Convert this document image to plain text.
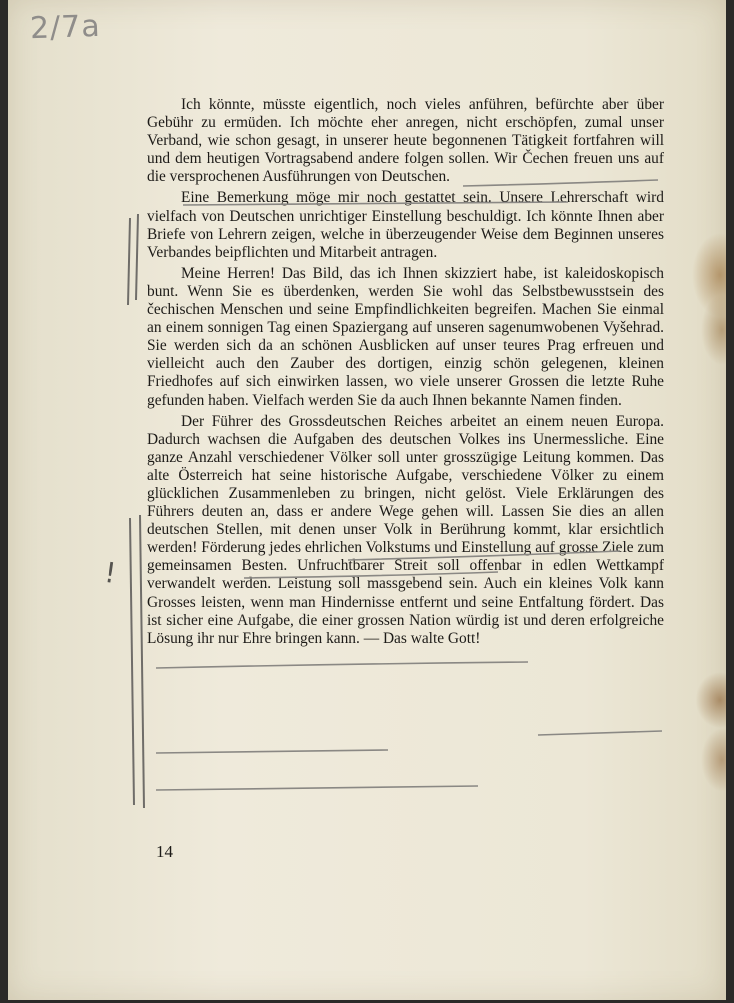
2/7a

Ich könnte, müsste eigentlich, noch vieles anführen, befürchte aber über Gebühr zu ermüden. Ich möchte eher anregen, nicht erschöpfen, zumal unser Verband, wie schon gesagt, in unserer heute begonnenen Tätigkeit fortfahren will und dem heutigen Vortragsabend andere folgen sollen. Wir Čechen freuen uns auf die versprochenen Ausführungen von Deutschen.

Eine Bemerkung möge mir noch gestattet sein. Unsere Lehrerschaft wird vielfach von Deutschen unrichtiger Einstellung beschuldigt. Ich könnte Ihnen aber Briefe von Lehrern zeigen, welche in überzeugender Weise dem Beginnen unseres Verbandes beipflichten und Mitarbeit antragen.

Meine Herren! Das Bild, das ich Ihnen skizziert habe, ist kaleidoskopisch bunt. Wenn Sie es überdenken, werden Sie wohl das Selbstbewusstsein des čechischen Menschen und seine Empfindlichkeiten begreifen. Machen Sie einmal an einem sonnigen Tag einen Spaziergang auf unseren sagenumwobenen Vyšehrad. Sie werden sich da an schönen Ausblicken auf unser teures Prag erfreuen und vielleicht auch den Zauber des dortigen, einzig schön gelegenen, kleinen Friedhofes auf sich einwirken lassen, wo viele unserer Grossen die letzte Ruhe gefunden haben. Vielfach werden Sie da auch Ihnen bekannte Namen finden.

Der Führer des Grossdeutschen Reiches arbeitet an einem neuen Europa. Dadurch wachsen die Aufgaben des deutschen Volkes ins Unermessliche. Eine ganze Anzahl verschiedener Völker soll unter grosszügige Leitung kommen. Das alte Österreich hat seine historische Aufgabe, verschiedene Völker zu einem glücklichen Zusammenleben zu bringen, nicht gelöst. Viele Erklärungen des Führers deuten an, dass er andere Wege gehen will. Lassen Sie dies an allen deutschen Stellen, mit denen unser Volk in Berührung kommt, klar ersichtlich werden! Förderung jedes ehrlichen Volkstums und Einstellung auf grosse Ziele zum gemeinsamen Besten. Unfruchtbarer Streit soll offenbar in edlen Wettkampf verwandelt werden. Leistung soll massgebend sein. Auch ein kleines Volk kann Grosses leisten, wenn man Hindernisse entfernt und seine Entfaltung fördert. Das ist sicher eine Aufgabe, die einer grossen Nation würdig ist und deren erfolgreiche Lösung ihr nur Ehre bringen kann. — Das walte Gott!

14
!
